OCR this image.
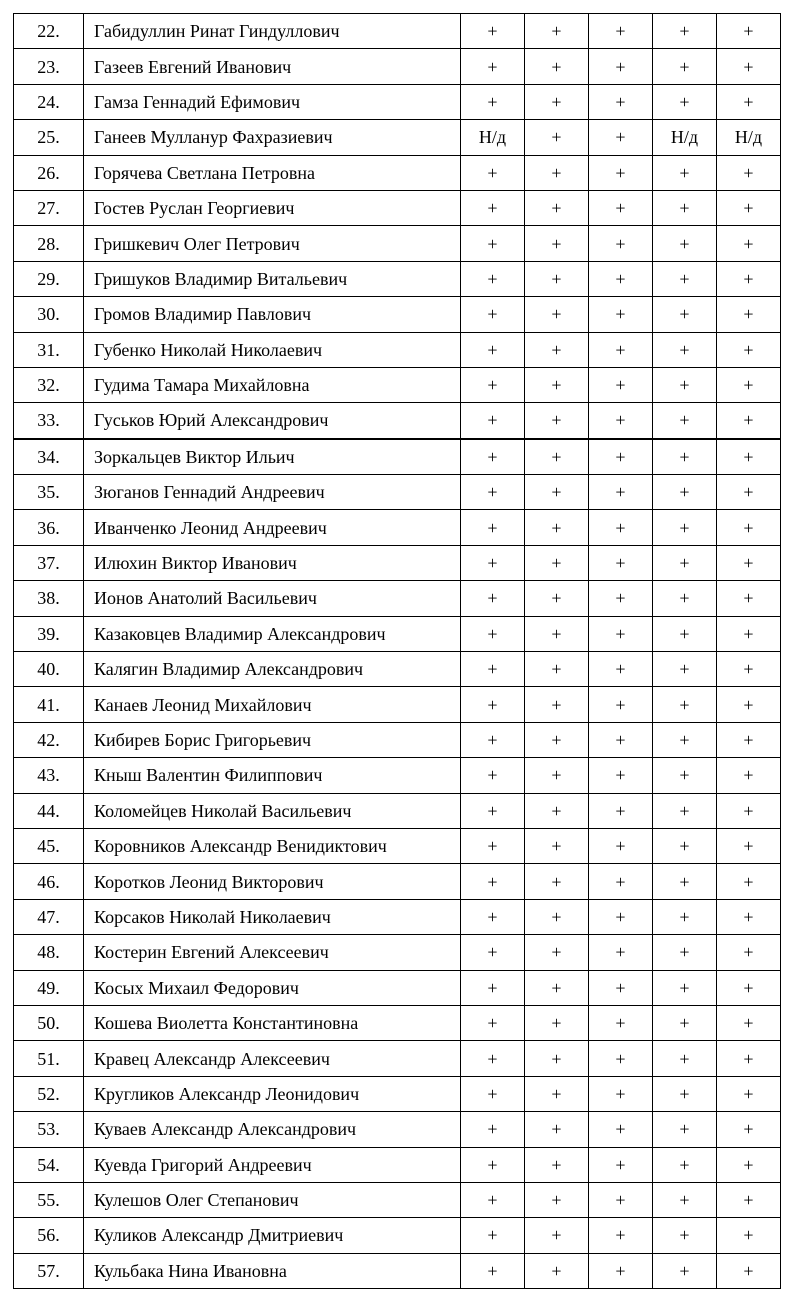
22.	Габидуллин Ринат Гиндуллович	+	+	+	+	+
23.	Газеев Евгений Иванович	+	+	+	+	+
24.	Гамза Геннадий Ефимович	+	+	+	+	+
25.	Ганеев Мулланур Фахразиевич	Н/д	+	+	Н/д	Н/д
26.	Горячева Светлана Петровна	+	+	+	+	+
27.	Гостев Руслан Георгиевич	+	+	+	+	+
28.	Гришкевич Олег Петрович	+	+	+	+	+
29.	Гришуков Владимир Витальевич	+	+	+	+	+
30.	Громов Владимир Павлович	+	+	+	+	+
31.	Губенко Николай Николаевич	+	+	+	+	+
32.	Гудима Тамара Михайловна	+	+	+	+	+
33.	Гуськов Юрий Александрович	+	+	+	+	+
34.	Зоркальцев Виктор Ильич	+	+	+	+	+
35.	Зюганов Геннадий Андреевич	+	+	+	+	+
36.	Иванченко Леонид Андреевич	+	+	+	+	+
37.	Илюхин Виктор Иванович	+	+	+	+	+
38.	Ионов Анатолий Васильевич	+	+	+	+	+
39.	Казаковцев Владимир Александрович	+	+	+	+	+
40.	Калягин Владимир Александрович	+	+	+	+	+
41.	Канаев Леонид Михайлович	+	+	+	+	+
42.	Кибирев Борис Григорьевич	+	+	+	+	+
43.	Кныш Валентин Филиппович	+	+	+	+	+
44.	Коломейцев Николай Васильевич	+	+	+	+	+
45.	Коровников Александр Венидиктович	+	+	+	+	+
46.	Коротков Леонид Викторович	+	+	+	+	+
47.	Корсаков Николай Николаевич	+	+	+	+	+
48.	Костерин Евгений Алексеевич	+	+	+	+	+
49.	Косых Михаил Федорович	+	+	+	+	+
50.	Кошева Виолетта Константиновна	+	+	+	+	+
51.	Кравец Александр Алексеевич	+	+	+	+	+
52.	Кругликов Александр Леонидович	+	+	+	+	+
53.	Куваев Александр Александрович	+	+	+	+	+
54.	Куевда Григорий Андреевич	+	+	+	+	+
55.	Кулешов Олег Степанович	+	+	+	+	+
56.	Куликов Александр Дмитриевич	+	+	+	+	+
57.	Кульбака Нина Ивановна	+	+	+	+	+
